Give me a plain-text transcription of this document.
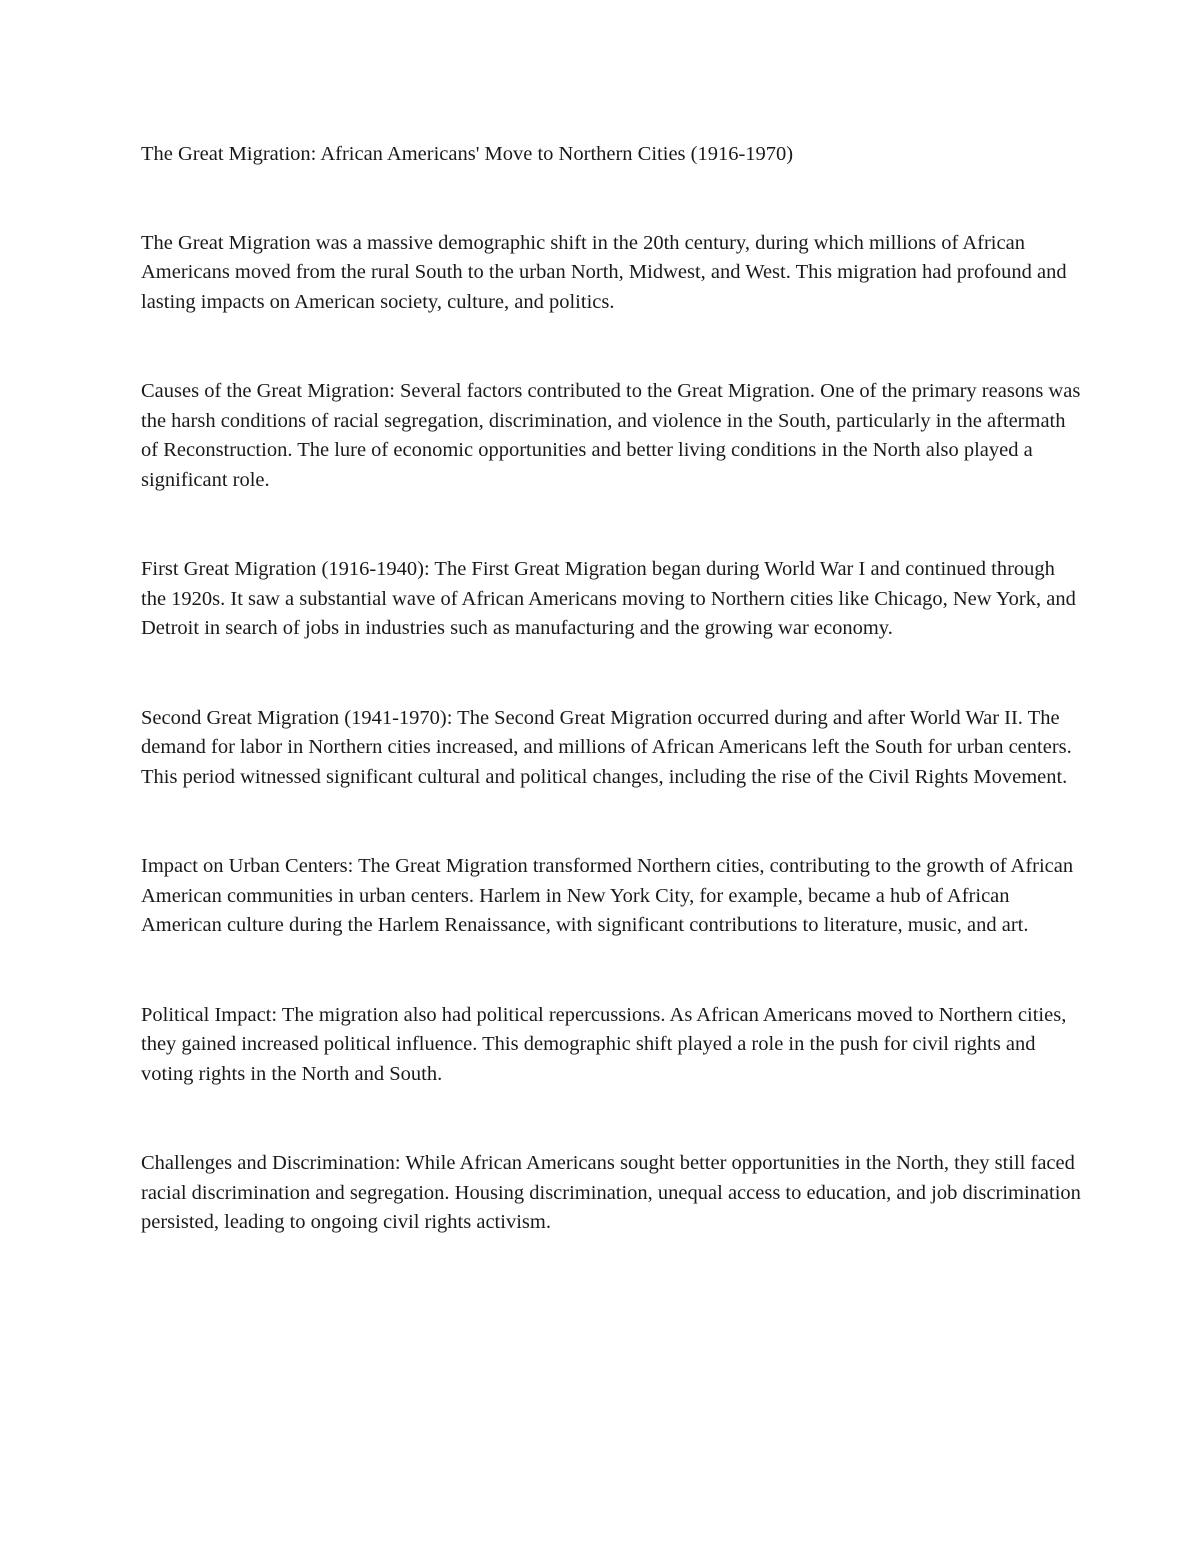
The Great Migration: African Americans' Move to Northern Cities (1916-1970)

The Great Migration was a massive demographic shift in the 20th century, during which millions of African Americans moved from the rural South to the urban North, Midwest, and West. This migration had profound and lasting impacts on American society, culture, and politics.

Causes of the Great Migration: Several factors contributed to the Great Migration. One of the primary reasons was the harsh conditions of racial segregation, discrimination, and violence in the South, particularly in the aftermath of Reconstruction. The lure of economic opportunities and better living conditions in the North also played a significant role.

First Great Migration (1916-1940): The First Great Migration began during World War I and continued through the 1920s. It saw a substantial wave of African Americans moving to Northern cities like Chicago, New York, and Detroit in search of jobs in industries such as manufacturing and the growing war economy.

Second Great Migration (1941-1970): The Second Great Migration occurred during and after World War II. The demand for labor in Northern cities increased, and millions of African Americans left the South for urban centers. This period witnessed significant cultural and political changes, including the rise of the Civil Rights Movement.

Impact on Urban Centers: The Great Migration transformed Northern cities, contributing to the growth of African American communities in urban centers. Harlem in New York City, for example, became a hub of African American culture during the Harlem Renaissance, with significant contributions to literature, music, and art.

Political Impact: The migration also had political repercussions. As African Americans moved to Northern cities, they gained increased political influence. This demographic shift played a role in the push for civil rights and voting rights in the North and South.

Challenges and Discrimination: While African Americans sought better opportunities in the North, they still faced racial discrimination and segregation. Housing discrimination, unequal access to education, and job discrimination persisted, leading to ongoing civil rights activism.
